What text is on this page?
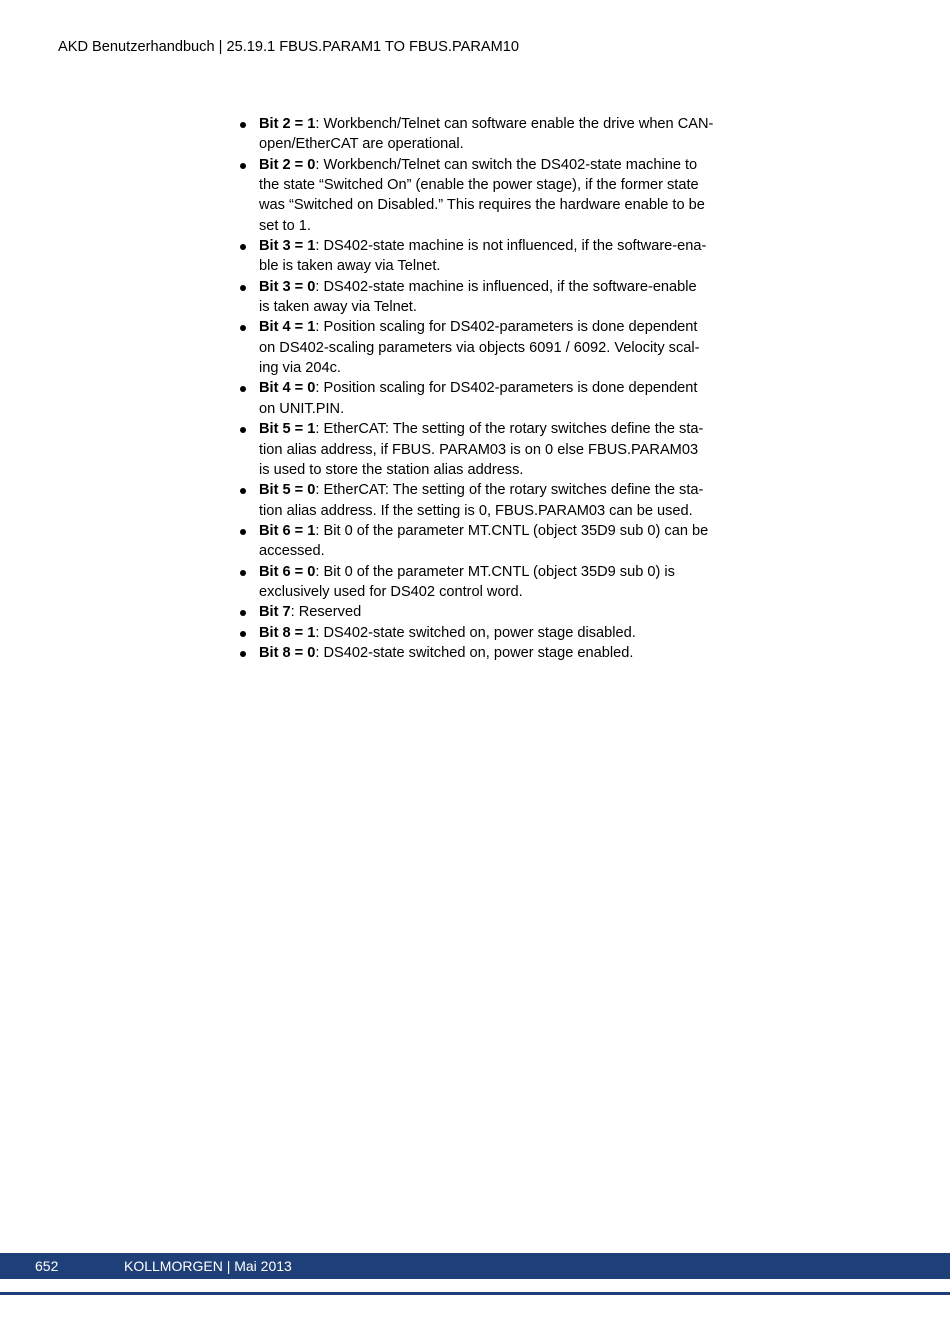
AKD Benutzerhandbuch | 25.19.1 FBUS.PARAM1 TO FBUS.PARAM10
Bit 2 = 1: Workbench/Telnet can software enable the drive when CAN-
open/EtherCAT are operational.
Bit 2 = 0: Workbench/Telnet can switch the DS402-state machine to
the state “Switched On” (enable the power stage), if the former state
was “Switched on Disabled.” This requires the hardware enable to be
set to 1.
Bit 3 = 1: DS402-state machine is not influenced, if the software-ena-
ble is taken away via Telnet.
Bit 3 = 0: DS402-state machine is influenced, if the software-enable
is taken away via Telnet.
Bit 4 = 1: Position scaling for DS402-parameters is done dependent
on DS402-scaling parameters via objects 6091 / 6092. Velocity scal-
ing via 204c.
Bit 4 = 0: Position scaling for DS402-parameters is done dependent
on UNIT.PIN.
Bit 5 = 1: EtherCAT: The setting of the rotary switches define the sta-
tion alias address, if FBUS. PARAM03 is on 0 else FBUS.PARAM03
is used to store the station alias address.
Bit 5 = 0: EtherCAT: The setting of the rotary switches define the sta-
tion alias address. If the setting is 0, FBUS.PARAM03 can be used.
Bit 6 = 1: Bit 0 of the parameter MT.CNTL (object 35D9 sub 0) can be
accessed.
Bit 6 = 0: Bit 0 of the parameter MT.CNTL (object 35D9 sub 0) is
exclusively used for DS402 control word.
Bit 7: Reserved
Bit 8 = 1: DS402-state switched on, power stage disabled.
Bit 8 = 0: DS402-state switched on, power stage enabled.
652	KOLLMORGEN | Mai 2013
